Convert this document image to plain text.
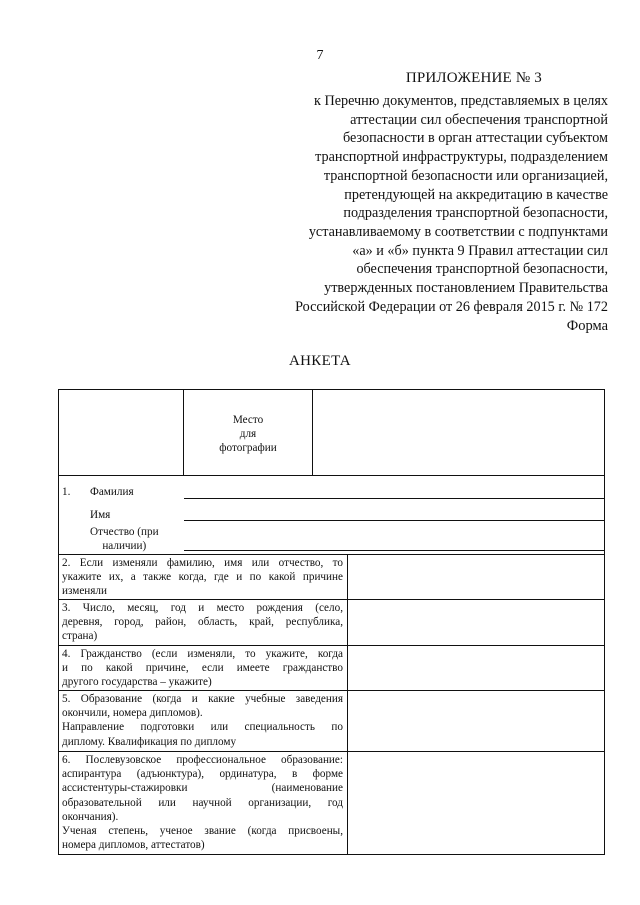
7
ПРИЛОЖЕНИЕ № 3
к Перечню документов, представляемых в целях
аттестации сил обеспечения транспортной
безопасности в орган аттестации субъектом
транспортной инфраструктуры, подразделением
транспортной безопасности или организацией,
претендующей на аккредитацию в качестве
подразделения транспортной безопасности,
устанавливаемому в соответствии с подпунктами
«а» и «б» пункта 9 Правил аттестации сил
обеспечения транспортной безопасности,
утвержденных постановлением Правительства
Российской Федерации от 26 февраля 2015 г. № 172
Форма
АНКЕТА
Место
для
фотографии
1. Фамилия
Имя
Отчество (при
наличии)
2. Если изменяли фамилию, имя или отчество, то
укажите их, а также когда, где и по какой причине
изменяли
3. Число, месяц, год и место рождения (село,
деревня, город, район, область, край, республика,
страна)
4. Гражданство (если изменяли, то укажите, когда
и по какой причине, если имеете гражданство
другого государства – укажите)
5. Образование (когда и какие учебные заведения
окончили, номера дипломов).
Направление подготовки или специальность по
диплому. Квалификация по диплому
6. Послевузовское профессиональное образование:
аспирантура (адъюнктура), ординатура, в форме
ассистентуры-стажировки (наименование
образовательной или научной организации, год
окончания).
Ученая степень, ученое звание (когда присвоены,
номера дипломов, аттестатов)
